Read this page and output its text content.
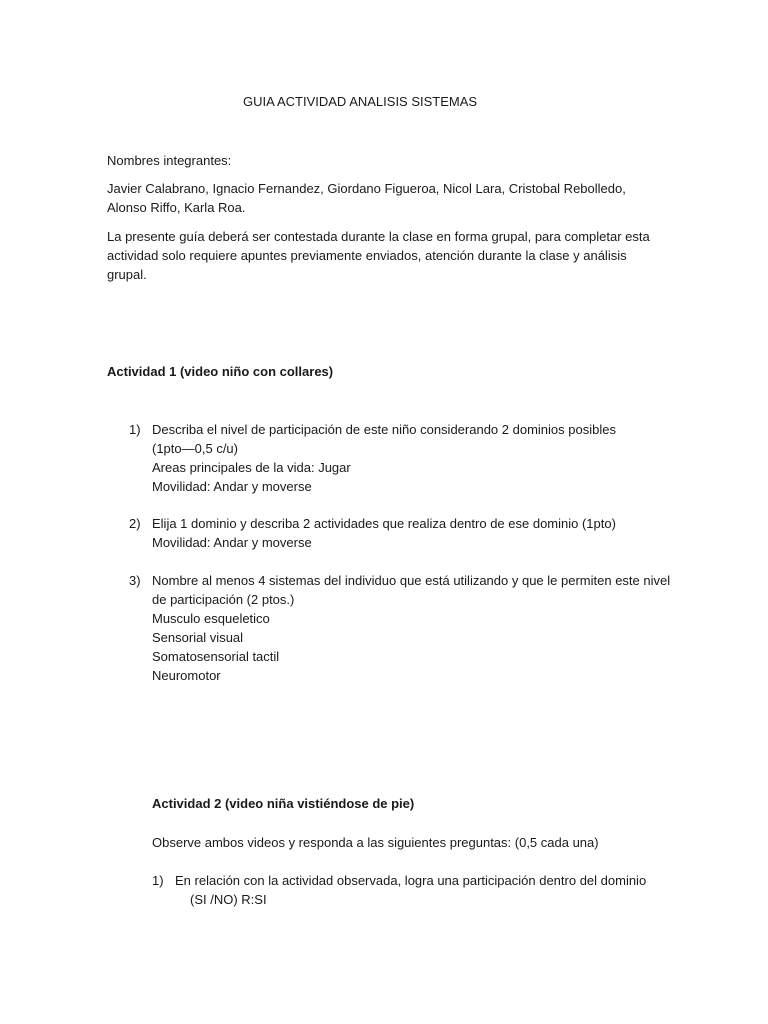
GUIA ACTIVIDAD ANALISIS SISTEMAS
Nombres integrantes:
Javier Calabrano, Ignacio Fernandez, Giordano Figueroa, Nicol Lara, Cristobal Rebolledo, Alonso Riffo, Karla Roa.
La presente guía deberá ser contestada durante la clase en forma grupal, para completar esta actividad solo requiere apuntes previamente enviados, atención durante la clase y análisis grupal.
Actividad 1 (video niño con collares)
1) Describa el nivel de participación de este niño considerando 2 dominios posibles
(1pto—0,5 c/u)
Areas principales de la vida: Jugar
Movilidad: Andar y moverse
2) Elija 1 dominio y describa 2 actividades que realiza dentro de ese dominio (1pto)
Movilidad: Andar y moverse
3) Nombre al menos 4 sistemas del individuo que está utilizando y que le permiten este nivel
de participación (2 ptos.)
Musculo esqueletico
Sensorial visual
Somatosensorial tactil
Neuromotor
Actividad 2 (video niña vistiéndose de pie)
Observe ambos videos y responda a las siguientes preguntas: (0,5 cada una)
1) En relación con la actividad observada, logra una participación dentro del dominio
(SI /NO) R:SI
